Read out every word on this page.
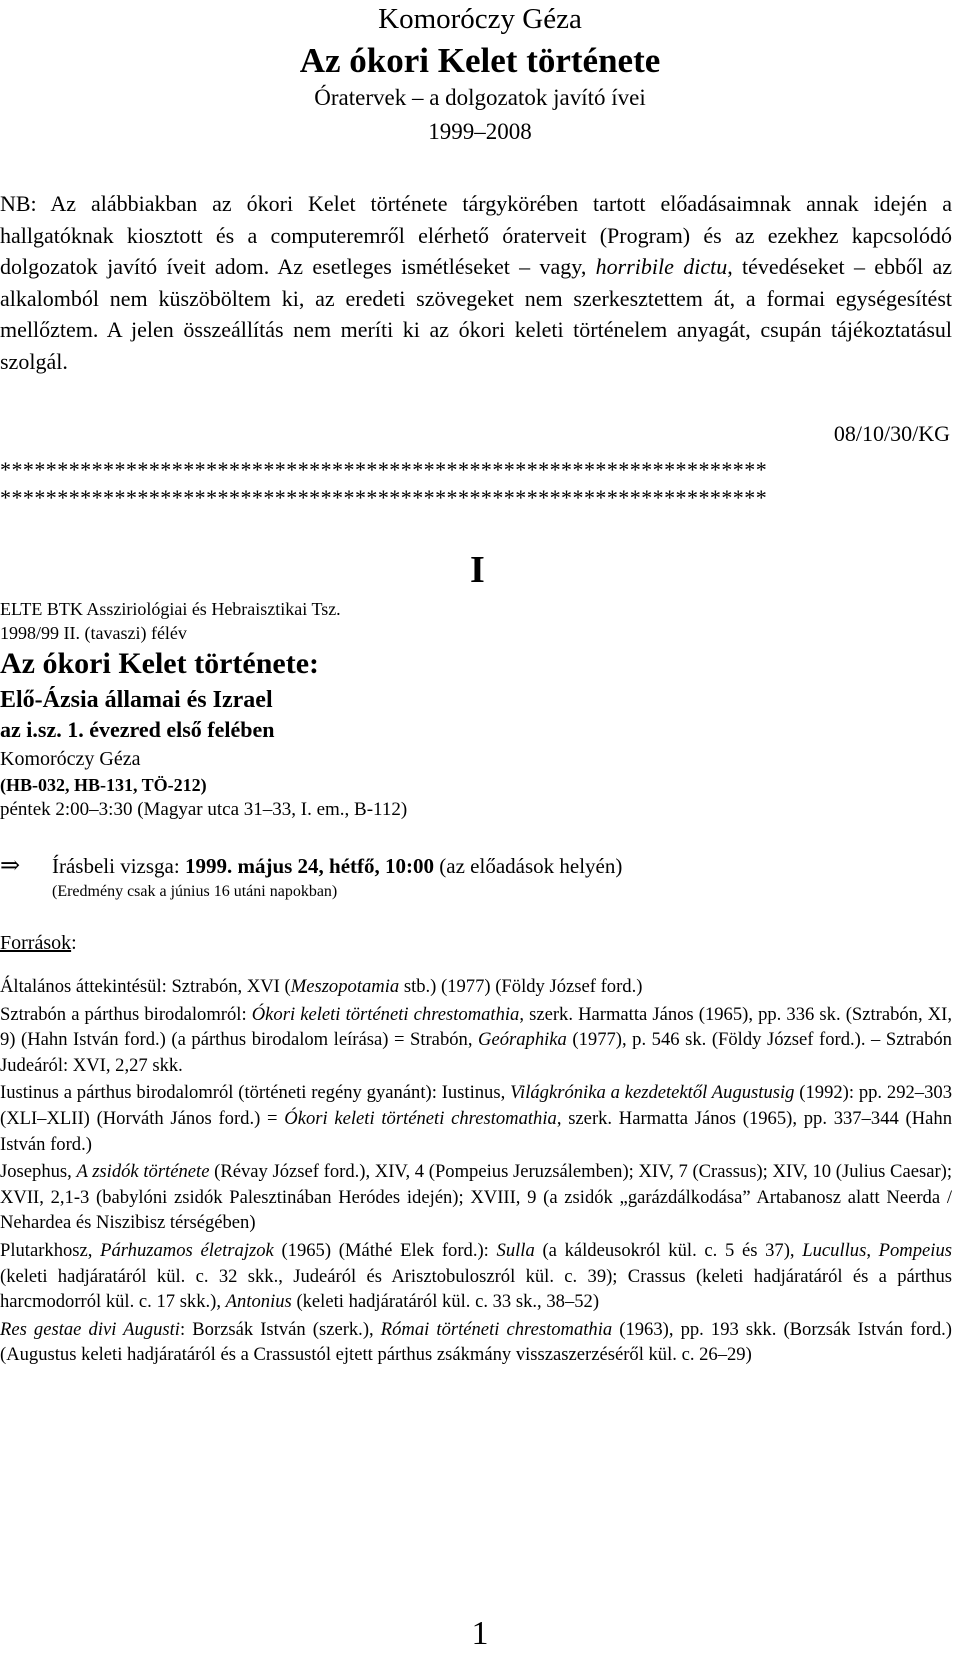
Komoróczy Géza
Az ókori Kelet története
Óratervek – a dolgozatok javító ívei
1999–2008
NB: Az alábbiakban az ókori Kelet története tárgykörében tartott előadásaimnak annak idején a hallgatóknak kiosztott és a computeremről elérhető óraterveit (Program) és az ezekhez kapcsolódó dolgozatok javító íveit adom. Az esetleges ismétléseket – vagy, horribile dictu, tévedéseket – ebből az alkalomból nem küszöböltem ki, az eredeti szövegeket nem szerkesztettem át, a formai egységesítést mellőztem. A jelen összeállítás nem meríti ki az ókori keleti történelem anyagát, csupán tájékoztatásul szolgál.
08/10/30/KG
*******************************************************************
*******************************************************************
I
ELTE BTK Assziriológiai és Hebraisztikai Tsz.
1998/99 II. (tavaszi) félév
Az ókori Kelet története:
Elő-Ázsia államai és Izrael
az i.sz. 1. évezred első felében
Komoróczy Géza
(HB-032, HB-131, TÖ-212)
péntek 2:00–3:30 (Magyar utca 31–33, I. em., B-112)
⇒ Írásbeli vizsga: 1999. május 24, hétfő, 10:00 (az előadások helyén)
(Eredmény csak a június 16 utáni napokban)
Források:
Általános áttekintésül: Sztrabón, XVI (Meszopotamia stb.) (1977) (Földy József ford.)
Sztrabón a párthus birodalomról: Ókori keleti történeti chrestomathia, szerk. Harmatta János (1965), pp. 336 sk. (Sztrabón, XI, 9) (Hahn István ford.) (a párthus birodalom leírása) = Strabón, Geóraphika (1977), p. 546 sk. (Földy József ford.). – Sztrabón Judeáról: XVI, 2,27 skk.
Iustinus a párthus birodalomról (történeti regény gyanánt): Iustinus, Világkrónika a kezdetektől Augustusig (1992): pp. 292–303 (XLI–XLII) (Horváth János ford.) = Ókori keleti történeti chrestomathia, szerk. Harmatta János (1965), pp. 337–344 (Hahn István ford.)
Josephus, A zsidók története (Révay József ford.), XIV, 4 (Pompeius Jeruzsálemben); XIV, 7 (Crassus); XIV, 10 (Julius Caesar); XVII, 2,1-3 (babylóni zsidók Palesztinában Heródes idején); XVIII, 9 (a zsidók „garázdálkodása” Artabanosz alatt Neerda / Nehardea és Niszibisz térségében)
Plutarkhosz, Párhuzamos életrajzok (1965) (Máthé Elek ford.): Sulla (a káldeusokról kül. c. 5 és 37), Lucullus, Pompeius (keleti hadjáratáról kül. c. 32 skk., Judeáról és Arisztobuloszról kül. c. 39); Crassus (keleti hadjáratáról és a párthus harcmodorról kül. c. 17 skk.), Antonius (keleti hadjáratáról kül. c. 33 sk., 38–52)
Res gestae divi Augusti: Borzsák István (szerk.), Római történeti chrestomathia (1963), pp. 193 skk. (Borzsák István ford.) (Augustus keleti hadjáratáról és a Crassustól ejtett párthus zsákmány visszaszerzéséről kül. c. 26–29)
1
